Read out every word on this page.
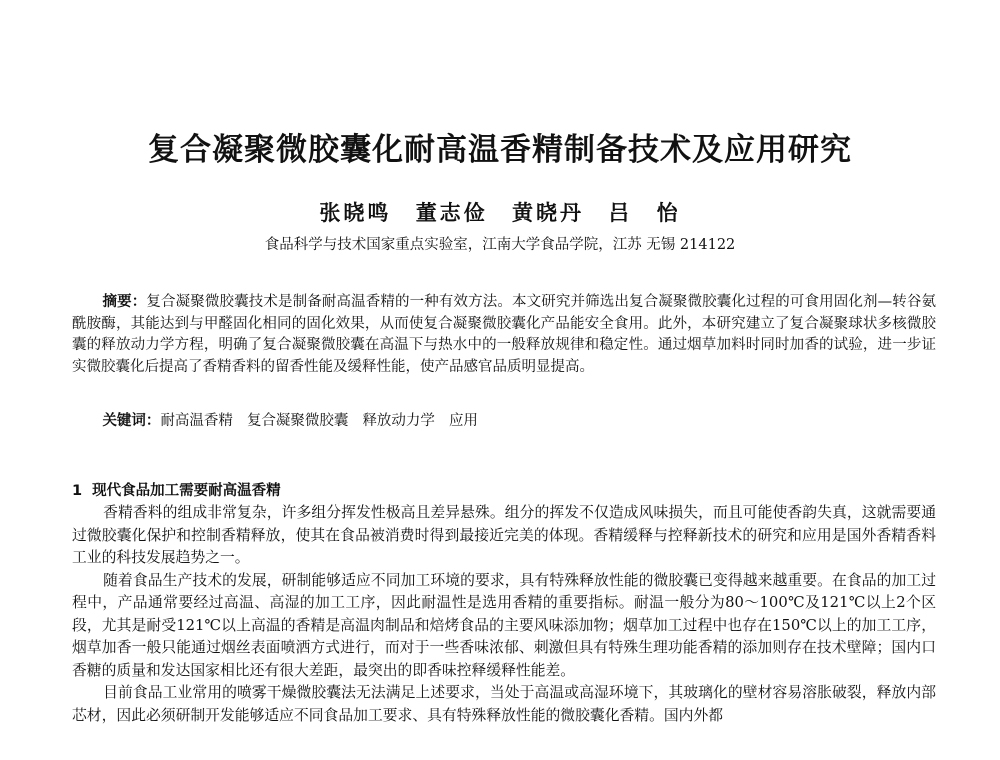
复合凝聚微胶囊化耐高温香精制备技术及应用研究
张晓鸣 董志俭 黄晓丹 吕 怡
食品科学与技术国家重点实验室，江南大学食品学院，江苏 无锡 214122
摘要：复合凝聚微胶囊技术是制备耐高温香精的一种有效方法。本文研究并筛选出复合凝聚微胶囊化过程的可食用固化剂—转谷氨酰胺酶，其能达到与甲醛固化相同的固化效果，从而使复合凝聚微胶囊化产品能安全食用。此外，本研究建立了复合凝聚球状多核微胶囊的释放动力学方程，明确了复合凝聚微胶囊在高温下与热水中的一般释放规律和稳定性。通过烟草加料时同时加香的试验，进一步证实微胶囊化后提高了香精香料的留香性能及缓释性能，使产品感官品质明显提高。
关键词：耐高温香精 复合凝聚微胶囊 释放动力学 应用
1 现代食品加工需要耐高温香精

香精香料的组成非常复杂，许多组分挥发性极高且差异悬殊。组分的挥发不仅造成风味损失，而且可能使香韵失真，这就需要通过微胶囊化保护和控制香精释放，使其在食品被消费时得到最接近完美的体现。香精缓释与控释新技术的研究和应用是国外香精香料工业的科技发展趋势之一。

随着食品生产技术的发展，研制能够适应不同加工环境的要求，具有特殊释放性能的微胶囊已变得越来越重要。在食品的加工过程中，产品通常要经过高温、高湿的加工工序，因此耐温性是选用香精的重要指标。耐温一般分为80～100℃及121℃以上2个区段，尤其是耐受121℃以上高温的香精是高温肉制品和焙烤食品的主要风味添加物；烟草加工过程中也存在150℃以上的加工工序，烟草加香一般只能通过烟丝表面喷洒方式进行，而对于一些香味浓郁、刺激但具有特殊生理功能香精的添加则存在技术壁障；国内口香糖的质量和发达国家相比还有很大差距，最突出的即香味控释缓释性能差。

目前食品工业常用的喷雾干燥微胶囊法无法满足上述要求，当处于高温或高湿环境下，其玻璃化的壁材容易溶胀破裂，释放内部芯材，因此必须研制开发能够适应不同食品加工要求、具有特殊释放性能的微胶囊化香精。国内外都
